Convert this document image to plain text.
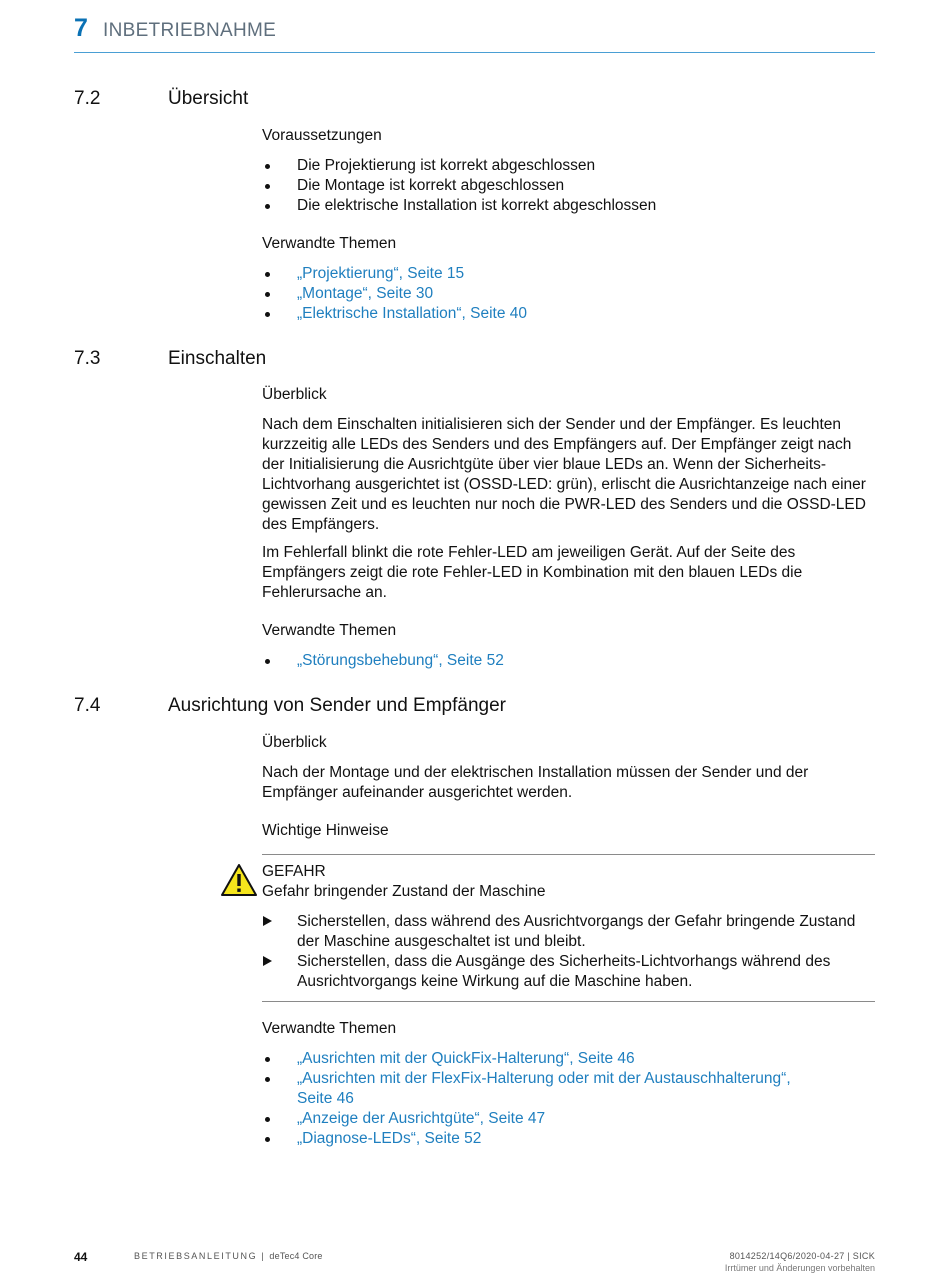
7 INBETRIEBNAHME
7.2	Übersicht

Voraussetzungen

Die Projektierung ist korrekt abgeschlossen
Die Montage ist korrekt abgeschlossen
Die elektrische Installation ist korrekt abgeschlossen

Verwandte Themen

„Projektierung“, Seite 15
„Montage“, Seite 30
„Elektrische Installation“, Seite 40
7.3	Einschalten

Überblick

Nach dem Einschalten initialisieren sich der Sender und der Empfänger. Es leuchten kurzzeitig alle LEDs des Senders und des Empfängers auf. Der Empfänger zeigt nach der Initialisierung die Ausrichtgüte über vier blaue LEDs an. Wenn der Sicherheits-Lichtvorhang ausgerichtet ist (OSSD-LED: grün), erlischt die Ausrichtanzeige nach einer gewissen Zeit und es leuchten nur noch die PWR-LED des Senders und die OSSD-LED des Empfängers.

Im Fehlerfall blinkt die rote Fehler-LED am jeweiligen Gerät. Auf der Seite des Empfängers zeigt die rote Fehler-LED in Kombination mit den blauen LEDs die Fehlerursache an.

Verwandte Themen

„Störungsbehebung“, Seite 52
7.4	Ausrichtung von Sender und Empfänger

Überblick

Nach der Montage und der elektrischen Installation müssen der Sender und der Empfänger aufeinander ausgerichtet werden.

Wichtige Hinweise

GEFAHR

Gefahr bringender Zustand der Maschine

Sicherstellen, dass während des Ausrichtvorgangs der Gefahr bringende Zustand der Maschine ausgeschaltet ist und bleibt.
Sicherstellen, dass die Ausgänge des Sicherheits-Lichtvorhangs während des Ausrichtvorgangs keine Wirkung auf die Maschine haben.

Verwandte Themen

„Ausrichten mit der QuickFix-Halterung“, Seite 46
„Ausrichten mit der FlexFix-Halterung oder mit der Austauschhalterung“, Seite 46
„Anzeige der Ausrichtgüte“, Seite 47
„Diagnose-LEDs“, Seite 52
44	BETRIEBSANLEITUNG | deTec4 Core	8014252/14Q6/2020-04-27 | SICK
Irrtümer und Änderungen vorbehalten
